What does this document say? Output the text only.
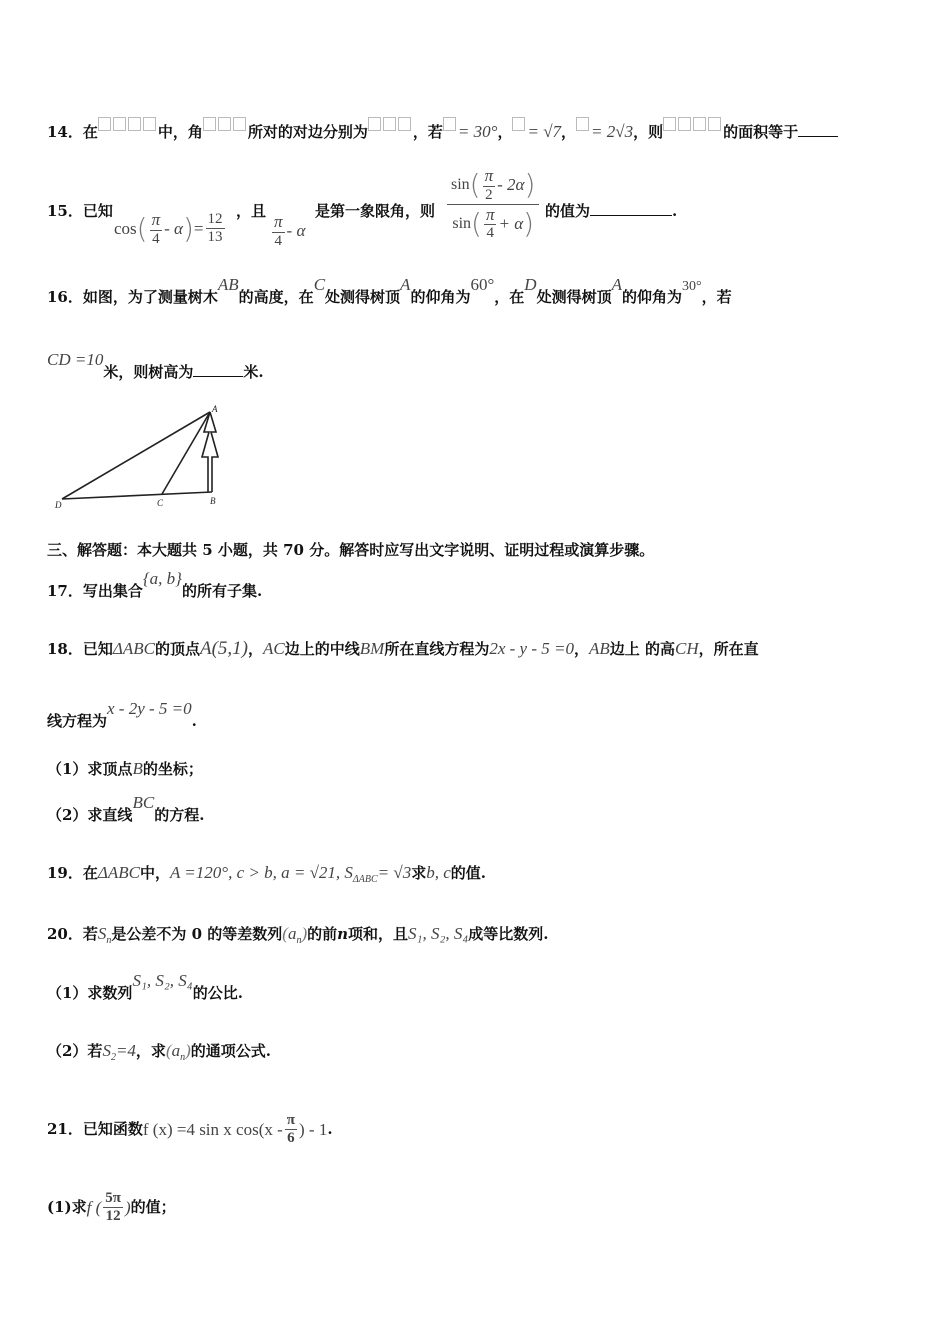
14．在	中，角	所对的对边分别为	，若 = 30°， = √7， = 2√3，则	的面积等于
15．已知
cos ( $\frac{\pi}{4}$ - α ) = $\frac{12}{13}$
，且
$\frac{\pi}{4}$ - α
是第一象限角，则 $\frac{\sin ( \frac{\pi}{2} - 2\alpha )}{\sin ( \frac{\pi}{4} + \alpha )}$ 的值为	.
16．如图，为了测量树木AB的高度，在C处测得树顶A的仰角为60°，在D处测得树顶A的仰角为30°，若
CD =10米，则树高为	米.
A
B
C
D
三、解答题：本大题共 5 小题，共 70 分。解答时应写出文字说明、证明过程或演算步骤。
17．写出集合{a, b}的所有子集.
18．已知ΔABC的顶点A(5,1)，AC边上的中线BM所在直线方程为2x - y - 5 =0，AB边上 的高CH，所在直
线方程为x - 2y - 5 =0.
（1）求顶点B的坐标；
（2）求直线BC的方程.
19．在ΔABC中，A =120°, c > b, a = √21, $S_{\Delta ABC}= √3$求b, c的值.
20．若$S_n$是公差不为 0 的等差数列$(a_n)$的前n项和，且S₁, S₂, S₄成等比数列.
（1）求数列S₁, S₂, S₄的公比.
（2）若$S_2=4$，求$(a_n)$的通项公式.
21．已知函数 f (x) =4 sin x $\cos(x - \frac{\pi}{6}$ ) - 1 .
(1)求 f ( $\frac{5\pi}{12}$ ) 的值；
